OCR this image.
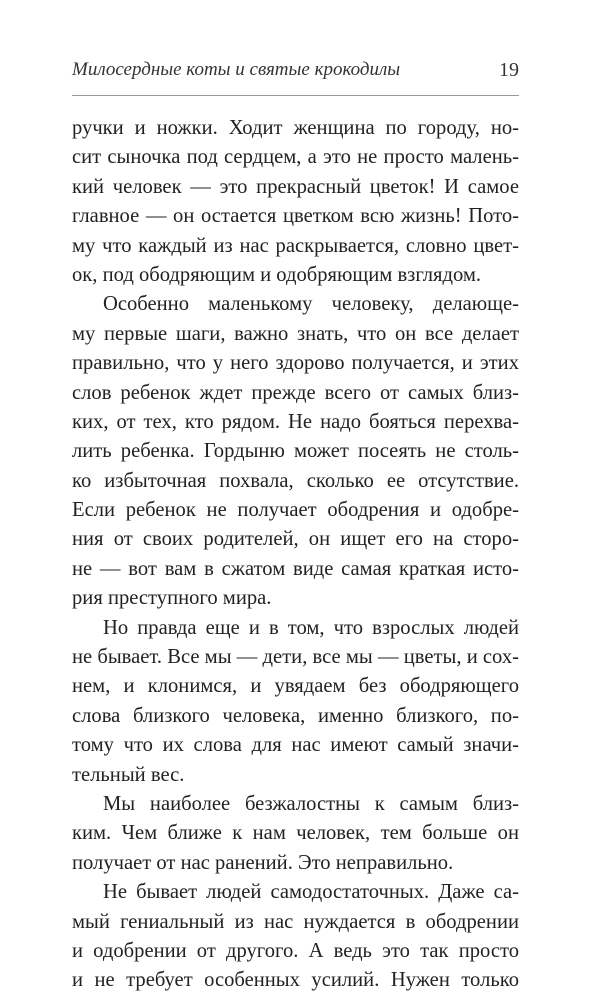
Милосердные коты и святые крокодилы	19
ручки и ножки. Ходит женщина по городу, но-
сит сыночка под сердцем, а это не просто малень-
кий человек — это прекрасный цветок! И самое
главное — он остается цветком всю жизнь! Пото-
му что каждый из нас раскрывается, словно цвет-
ок, под ободряющим и одобряющим взглядом.
Особенно маленькому человеку, делающе-
му первые шаги, важно знать, что он все делает
правильно, что у него здорово получается, и этих
слов ребенок ждет прежде всего от самых близ-
ких, от тех, кто рядом. Не надо бояться перехва-
лить ребенка. Гордыню может посеять не столь-
ко избыточная похвала, сколько ее отсутствие.
Если ребенок не получает ободрения и одобре-
ния от своих родителей, он ищет его на сторо-
не — вот вам в сжатом виде самая краткая исто-
рия преступного мира.
Но правда еще и в том, что взрослых людей
не бывает. Все мы — дети, все мы — цветы, и сох-
нем, и клонимся, и увядаем без ободряющего
слова близкого человека, именно близкого, по-
тому что их слова для нас имеют самый значи-
тельный вес.
Мы наиболее безжалостны к самым близ-
ким. Чем ближе к нам человек, тем больше он
получает от нас ранений. Это неправильно.
Не бывает людей самодостаточных. Даже са-
мый гениальный из нас нуждается в ободрении
и одобрении от другого. А ведь это так просто
и не требует особенных усилий. Нужен только
